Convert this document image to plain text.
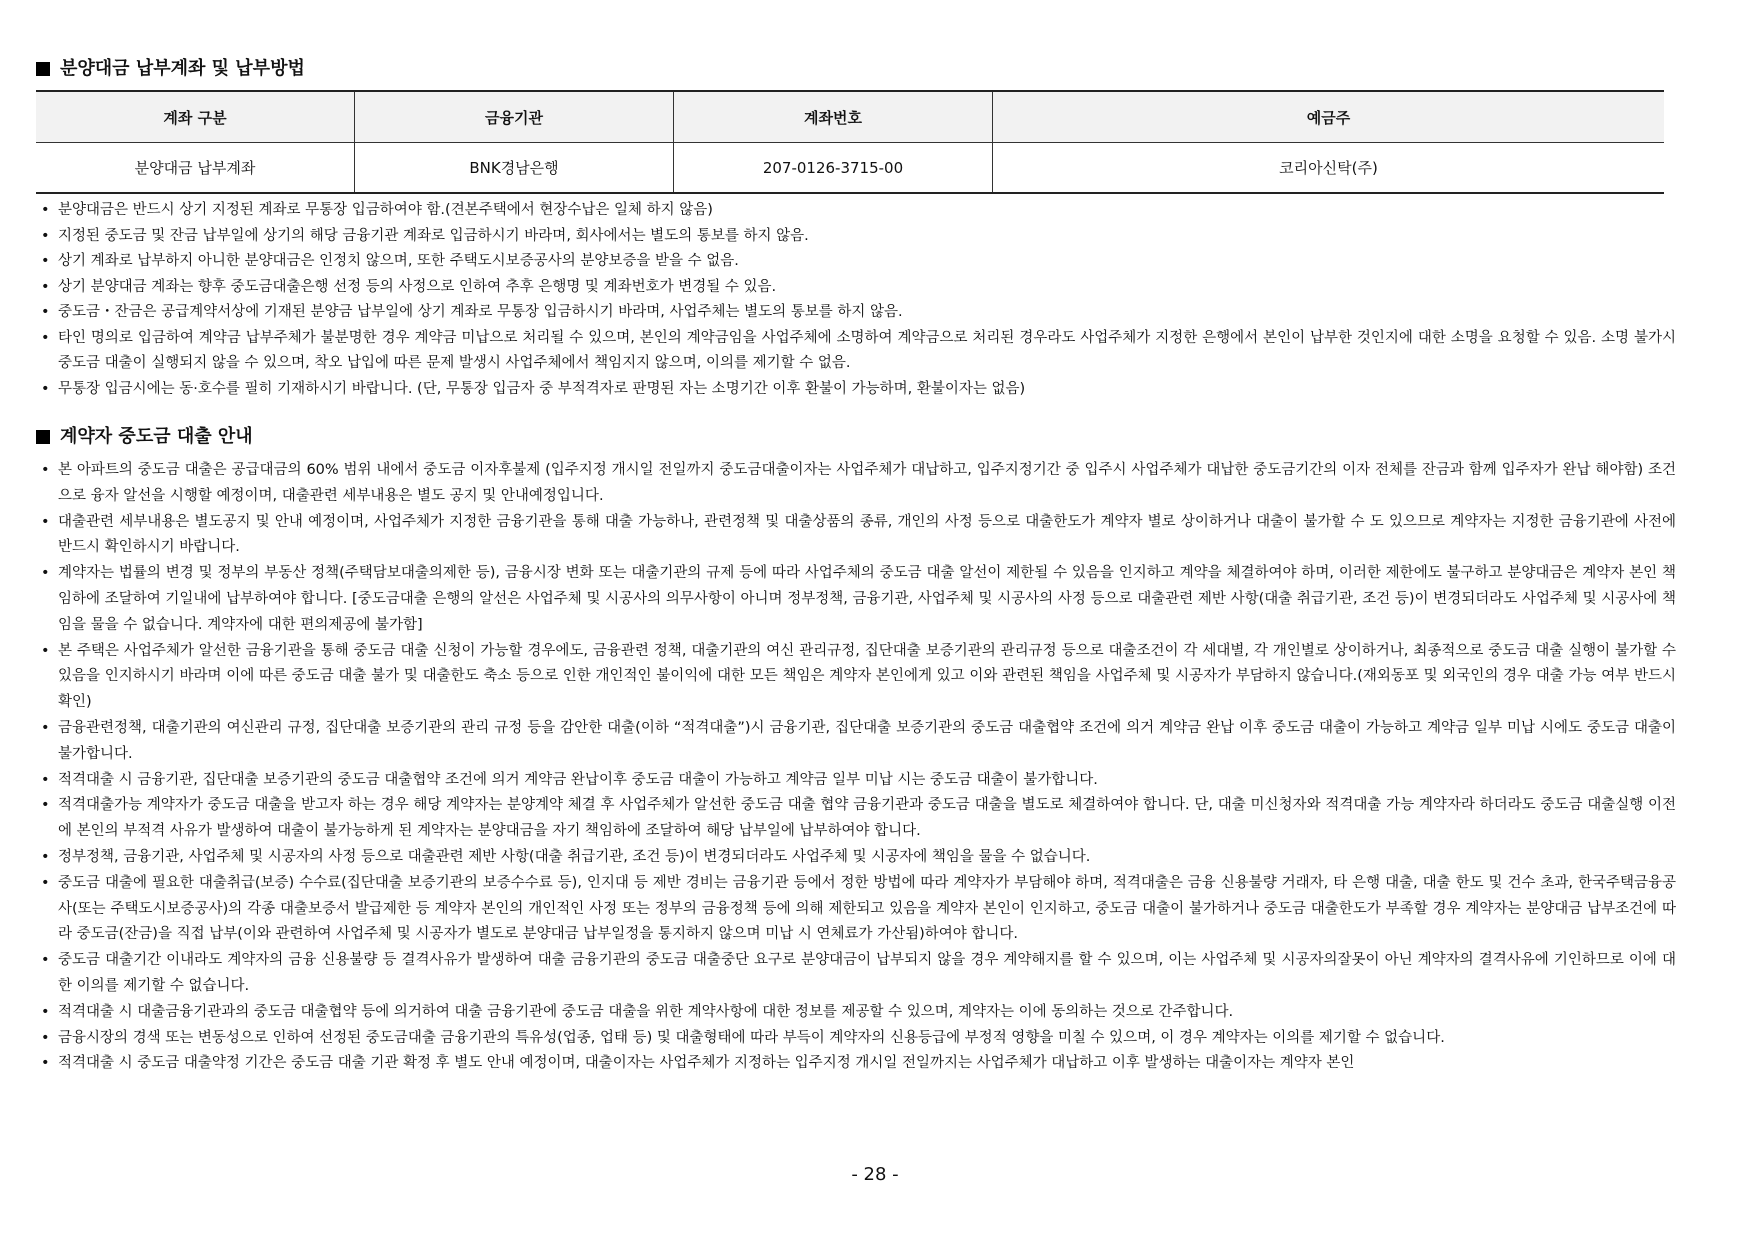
분양대금 납부계좌 및 납부방법
계좌 구분	금융기관	계좌번호	예금주
분양대금 납부계좌	BNK경남은행	207-0126-3715-00	코리아신탁(주)
• 분양대금은 반드시 상기 지정된 계좌로 무통장 입금하여야 함.(견본주택에서 현장수납은 일체 하지 않음)
• 지정된 중도금 및 잔금 납부일에 상기의 해당 금융기관 계좌로 입금하시기 바라며, 회사에서는 별도의 통보를 하지 않음.
• 상기 계좌로 납부하지 아니한 분양대금은 인정치 않으며, 또한 주택도시보증공사의 분양보증을 받을 수 없음.
• 상기 분양대금 계좌는 향후 중도금대출은행 선정 등의 사정으로 인하여 추후 은행명 및 계좌번호가 변경될 수 있음.
• 중도금・잔금은 공급계약서상에 기재된 분양금 납부일에 상기 계좌로 무통장 입금하시기 바라며, 사업주체는 별도의 통보를 하지 않음.
• 타인 명의로 입금하여 계약금 납부주체가 불분명한 경우 계약금 미납으로 처리될 수 있으며, 본인의 계약금임을 사업주체에 소명하여 계약금으로 처리된 경우라도 사업주체가 지정한 은행에서 본인이 납부한 것인지에 대한 소명을 요청할 수 있음. 소명 불가시 중도금 대출이 실행되지 않을 수 있으며, 착오 납입에 따른 문제 발생시 사업주체에서 책임지지 않으며, 이의를 제기할 수 없음.
• 무통장 입금시에는 동·호수를 필히 기재하시기 바랍니다. (단, 무통장 입금자 중 부적격자로 판명된 자는 소명기간 이후 환불이 가능하며, 환불이자는 없음)
계약자 중도금 대출 안내
• 본 아파트의 중도금 대출은 공급대금의 60% 범위 내에서 중도금 이자후불제 (입주지정 개시일 전일까지 중도금대출이자는 사업주체가 대납하고, 입주지정기간 중 입주시 사업주체가 대납한 중도금기간의 이자 전체를 잔금과 함께 입주자가 완납 해야함) 조건으로 융자 알선을 시행할 예정이며, 대출관련 세부내용은 별도 공지 및 안내예정입니다.
• 대출관련 세부내용은 별도공지 및 안내 예정이며, 사업주체가 지정한 금융기관을 통해 대출 가능하나, 관련정책 및 대출상품의 종류, 개인의 사정 등으로 대출한도가 계약자 별로 상이하거나 대출이 불가할 수 도 있으므로 계약자는 지정한 금융기관에 사전에 반드시 확인하시기 바랍니다.
• 계약자는 법률의 변경 및 정부의 부동산 정책(주택담보대출의제한 등), 금융시장 변화 또는 대출기관의 규제 등에 따라 사업주체의 중도금 대출 알선이 제한될 수 있음을 인지하고 계약을 체결하여야 하며, 이러한 제한에도 불구하고 분양대금은 계약자 본인 책임하에 조달하여 기일내에 납부하여야 합니다. [중도금대출 은행의 알선은 사업주체 및 시공사의 의무사항이 아니며 정부정책, 금융기관, 사업주체 및 시공사의 사정 등으로 대출관련 제반 사항(대출 취급기관, 조건 등)이 변경되더라도 사업주체 및 시공사에 책임을 물을 수 없습니다. 계약자에 대한 편의제공에 불가함]
• 본 주택은 사업주체가 알선한 금융기관을 통해 중도금 대출 신청이 가능할 경우에도, 금융관련 정책, 대출기관의 여신 관리규정, 집단대출 보증기관의 관리규정 등으로 대출조건이 각 세대별, 각 개인별로 상이하거나, 최종적으로 중도금 대출 실행이 불가할 수 있음을 인지하시기 바라며 이에 따른 중도금 대출 불가 및 대출한도 축소 등으로 인한 개인적인 불이익에 대한 모든 책임은 계약자 본인에게 있고 이와 관련된 책임을 사업주체 및 시공자가 부담하지 않습니다.(재외동포 및 외국인의 경우 대출 가능 여부 반드시 확인)
• 금융관련정책, 대출기관의 여신관리 규정, 집단대출 보증기관의 관리 규정 등을 감안한 대출(이하 “적격대출”)시 금융기관, 집단대출 보증기관의 중도금 대출협약 조건에 의거 계약금 완납 이후 중도금 대출이 가능하고 계약금 일부 미납 시에도 중도금 대출이 불가합니다.
• 적격대출 시 금융기관, 집단대출 보증기관의 중도금 대출협약 조건에 의거 계약금 완납이후 중도금 대출이 가능하고 계약금 일부 미납 시는 중도금 대출이 불가합니다.
• 적격대출가능 계약자가 중도금 대출을 받고자 하는 경우 해당 계약자는 분양계약 체결 후 사업주체가 알선한 중도금 대출 협약 금융기관과 중도금 대출을 별도로 체결하여야 합니다. 단, 대출 미신청자와 적격대출 가능 계약자라 하더라도 중도금 대출실행 이전에 본인의 부적격 사유가 발생하여 대출이 불가능하게 된 계약자는 분양대금을 자기 책임하에 조달하여 해당 납부일에 납부하여야 합니다.
• 정부정책, 금융기관, 사업주체 및 시공자의 사정 등으로 대출관련 제반 사항(대출 취급기관, 조건 등)이 변경되더라도 사업주체 및 시공자에 책임을 물을 수 없습니다.
• 중도금 대출에 필요한 대출취급(보증) 수수료(집단대출 보증기관의 보증수수료 등), 인지대 등 제반 경비는 금융기관 등에서 정한 방법에 따라 계약자가 부담해야 하며, 적격대출은 금융 신용불량 거래자, 타 은행 대출, 대출 한도 및 건수 초과, 한국주택금융공사(또는 주택도시보증공사)의 각종 대출보증서 발급제한 등 계약자 본인의 개인적인 사정 또는 정부의 금융정책 등에 의해 제한되고 있음을 계약자 본인이 인지하고, 중도금 대출이 불가하거나 중도금 대출한도가 부족할 경우 계약자는 분양대금 납부조건에 따라 중도금(잔금)을 직접 납부(이와 관련하여 사업주체 및 시공자가 별도로 분양대금 납부일정을 통지하지 않으며 미납 시 연체료가 가산됨)하여야 합니다.
• 중도금 대출기간 이내라도 계약자의 금융 신용불량 등 결격사유가 발생하여 대출 금융기관의 중도금 대출중단 요구로 분양대금이 납부되지 않을 경우 계약해지를 할 수 있으며, 이는 사업주체 및 시공자의잘못이 아닌 계약자의 결격사유에 기인하므로 이에 대한 이의를 제기할 수 없습니다.
• 적격대출 시 대출금융기관과의 중도금 대출협약 등에 의거하여 대출 금융기관에 중도금 대출을 위한 계약사항에 대한 정보를 제공할 수 있으며, 계약자는 이에 동의하는 것으로 간주합니다.
• 금융시장의 경색 또는 변동성으로 인하여 선정된 중도금대출 금융기관의 특유성(업종, 업태 등) 및 대출형태에 따라 부득이 계약자의 신용등급에 부정적 영향을 미칠 수 있으며, 이 경우 계약자는 이의를 제기할 수 없습니다.
• 적격대출 시 중도금 대출약정 기간은 중도금 대출 기관 확정 후 별도 안내 예정이며, 대출이자는 사업주체가 지정하는 입주지정 개시일 전일까지는 사업주체가 대납하고 이후 발생하는 대출이자는 계약자 본인
- 28 -
